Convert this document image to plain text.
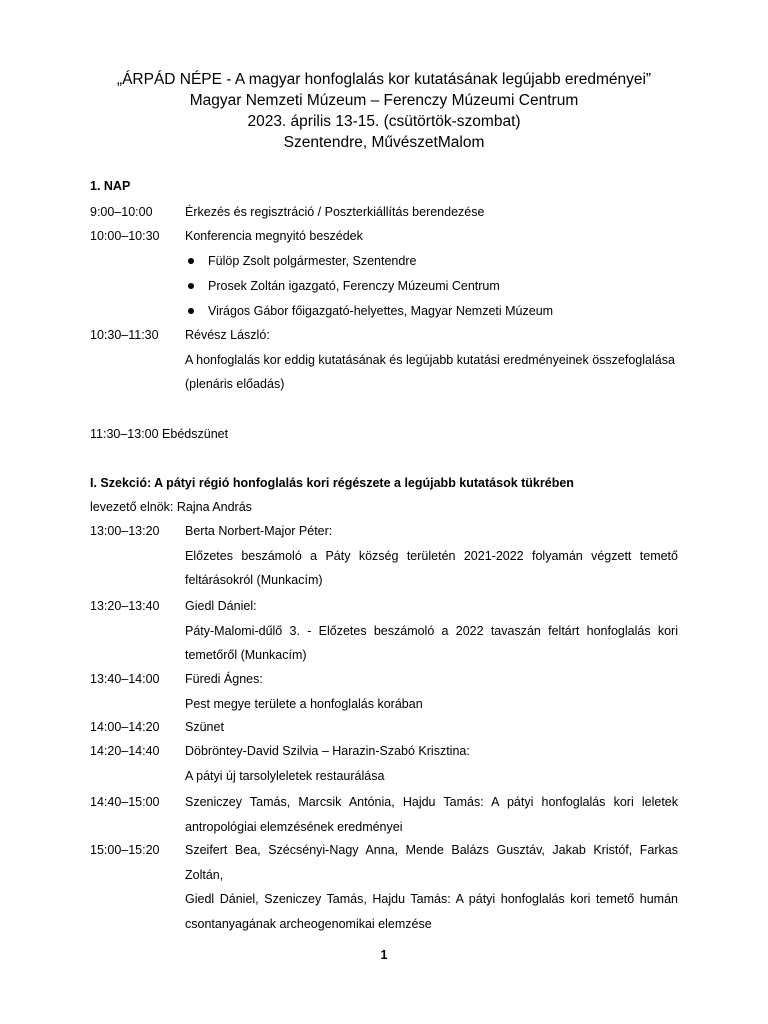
„ÁRPÁD NÉPE - A magyar honfoglalás kor kutatásának legújabb eredményei”
Magyar Nemzeti Múzeum – Ferenczy Múzeumi Centrum
2023. április 13-15. (csütörtök-szombat)
Szentendre, MűvészetMalom
1. NAP
9:00–10:00	Érkezés és regisztráció / Poszterkiállítás berendezése
10:00–10:30	Konferencia megnyitó beszédek
Fülöp Zsolt polgármester, Szentendre
Prosek Zoltán igazgató, Ferenczy Múzeumi Centrum
Virágos Gábor főigazgató-helyettes, Magyar Nemzeti Múzeum
10:30–11:30	Révész László:
A honfoglalás kor eddig kutatásának és legújabb kutatási eredményeinek összefoglalása
(plenáris előadás)
11:30–13:00 Ebédszünet
I. Szekció: A pátyi régió honfoglalás kori régészete a legújabb kutatások tükrében
levezető elnök: Rajna András
13:00–13:20	Berta Norbert-Major Péter:
Előzetes beszámoló a Páty község területén 2021-2022 folyamán végzett temető
feltárásokról (Munkacím)
13:20–13:40	Giedl Dániel:
Páty-Malomi-dűlő 3. - Előzetes beszámoló a 2022 tavaszán feltárt honfoglalás kori
temetőről (Munkacím)
13:40–14:00	Füredi Ágnes:
Pest megye területe a honfoglalás korában
14:00–14:20	Szünet
14:20–14:40	Döbröntey-David Szilvia – Harazin-Szabó Krisztina:
A pátyi új tarsolyleletek restaurálása
14:40–15:00	Szeniczey Tamás, Marcsik Antónia, Hajdu Tamás: A pátyi honfoglalás kori leletek
antropológiai elemzésének eredményei
15:00–15:20	Szeifert Bea, Szécsényi-Nagy Anna, Mende Balázs Gusztáv, Jakab Kristóf, Farkas Zoltán,
Giedl Dániel, Szeniczey Tamás, Hajdu Tamás: A pátyi honfoglalás kori temető humán
csontanyagának archeogenomikai elemzése
1
